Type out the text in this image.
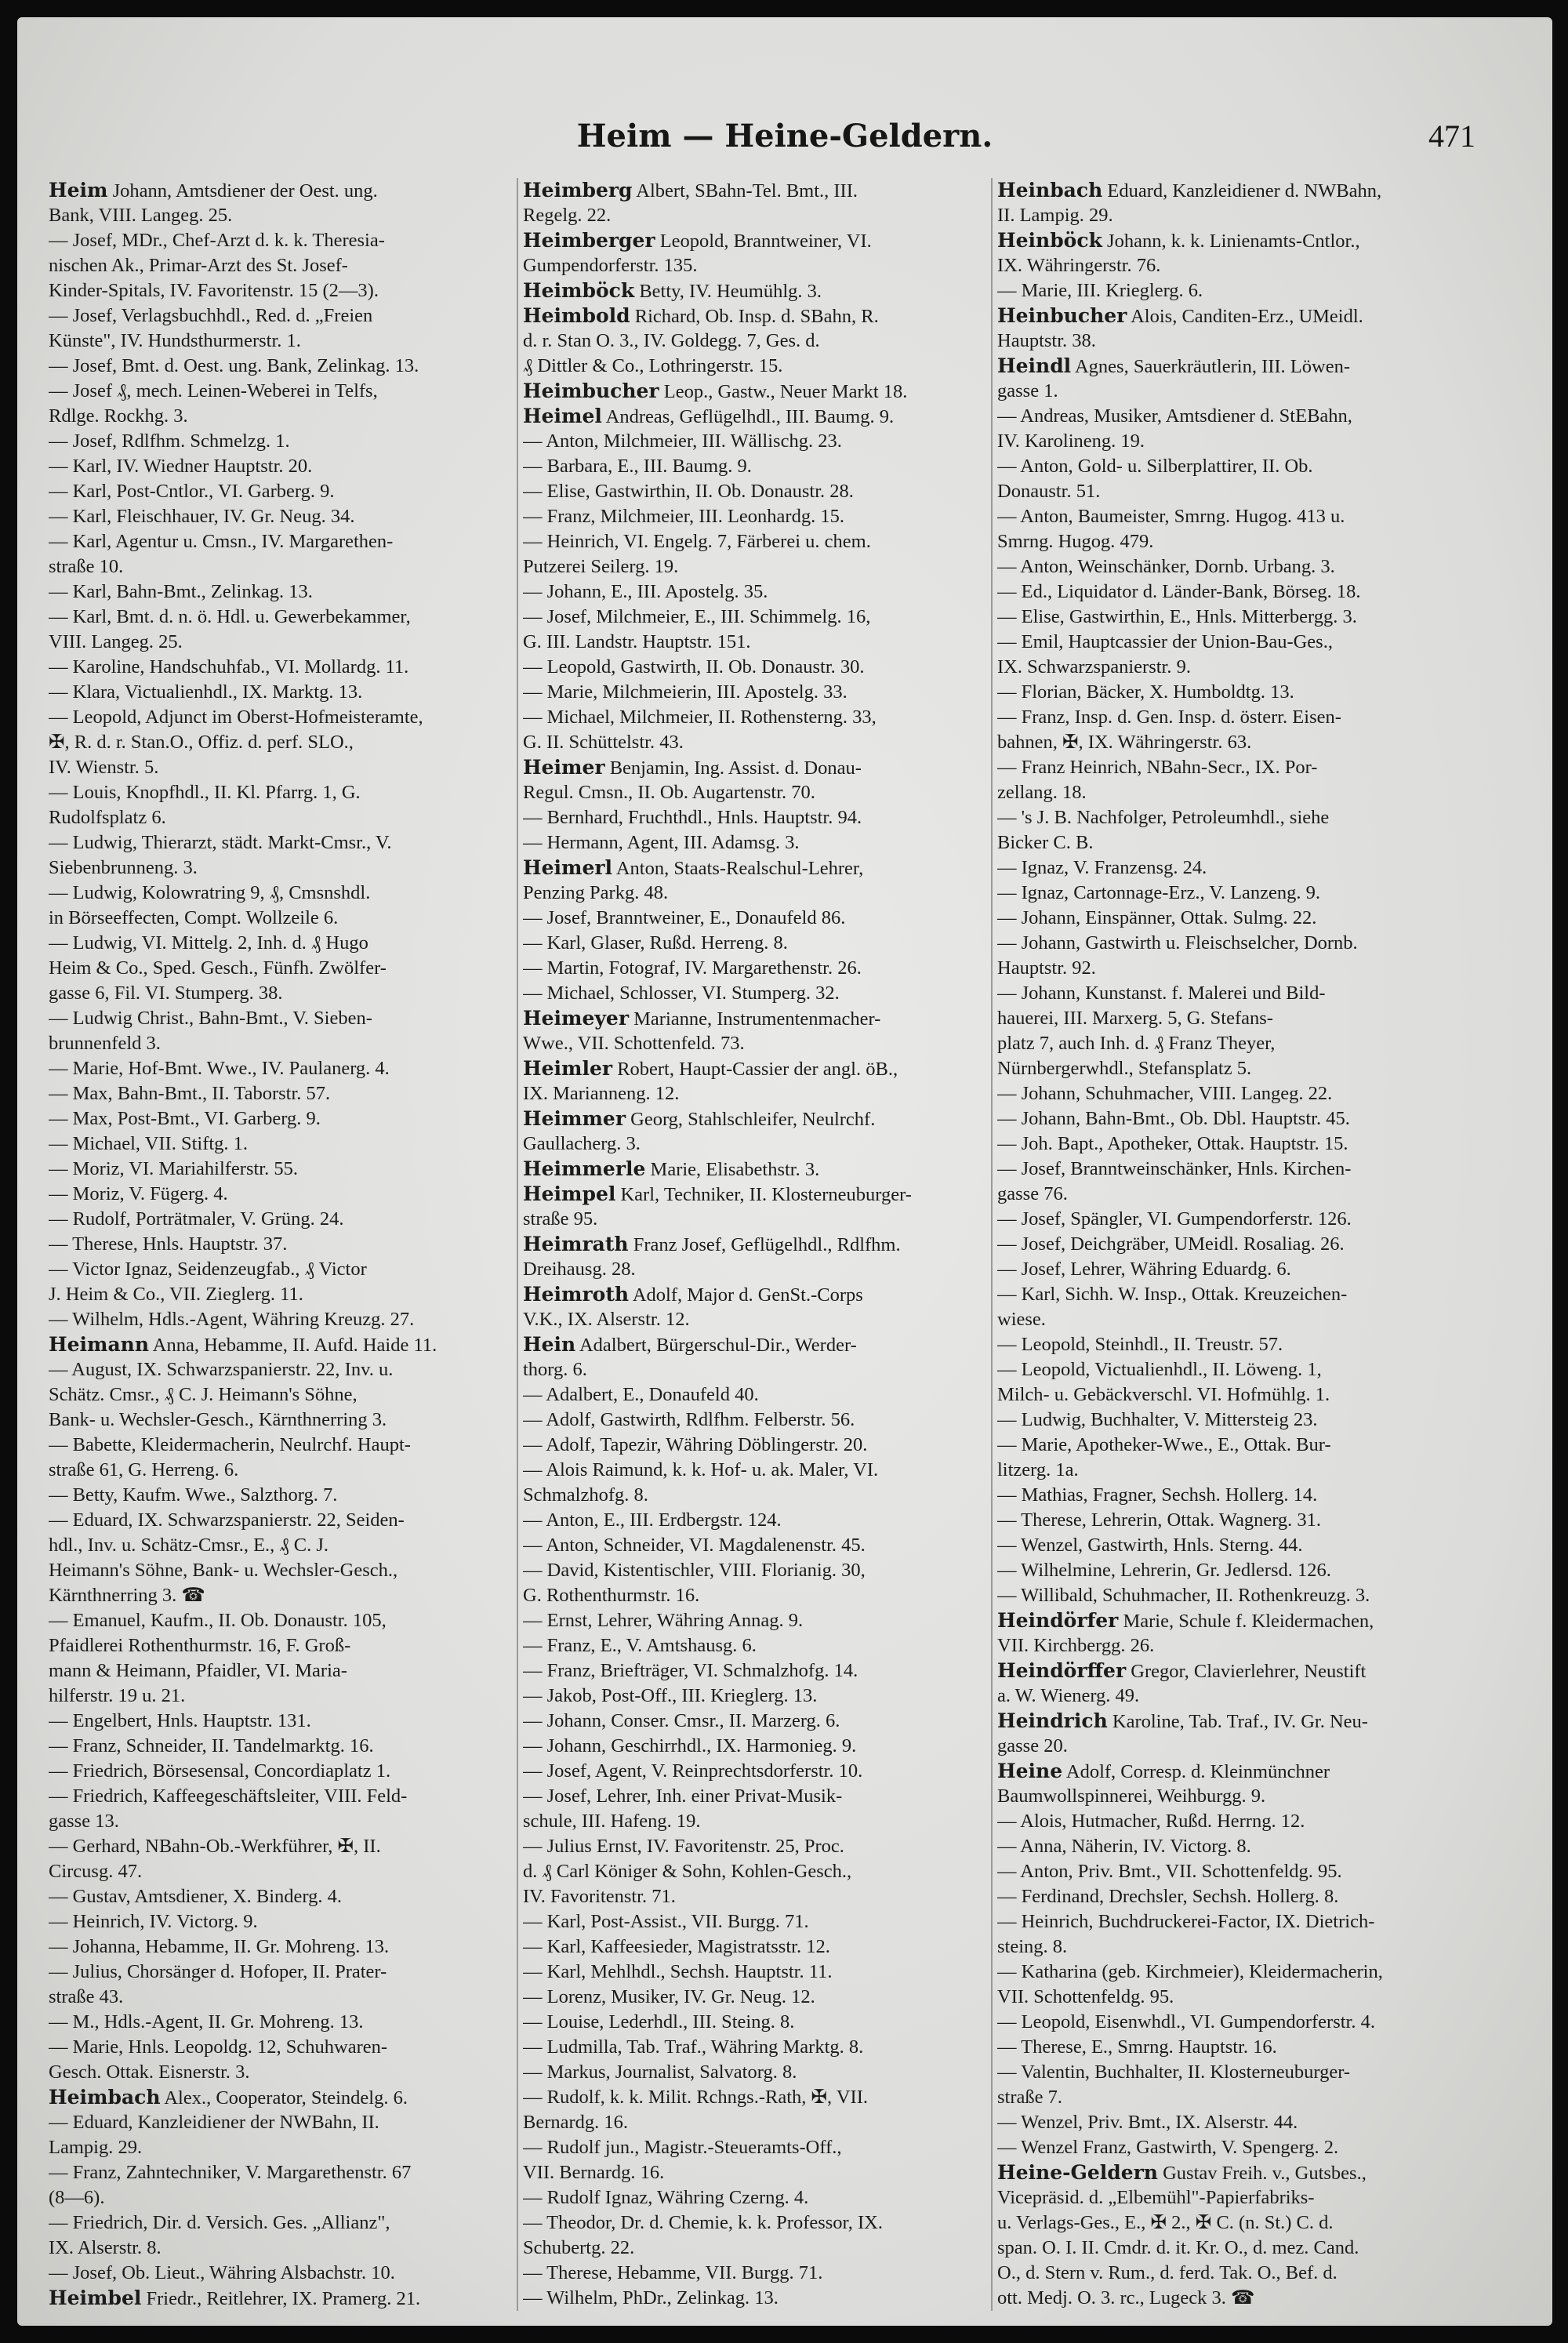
Heim — Heine-Geldern.	471
Heim Johann, Amtsdiener der Oest. ung.
Bank, VIII. Langeg. 25.
— Josef, MDr., Chef-Arzt d. k. k. Theresia-
nischen Ak., Primar-Arzt des St. Josef-
Kinder-Spitals, IV. Favoritenstr. 15 (2—3).
— Josef, Verlagsbuchhdl., Red. d. „Freien
Künste", IV. Hundsthurmerstr. 1.
— Josef, Bmt. d. Oest. ung. Bank, Zelinkag. 13.
— Josef ₰, mech. Leinen-Weberei in Telfs,
Rdlge. Rockhg. 3.
— Josef, Rdlfhm. Schmelzg. 1.
— Karl, IV. Wiedner Hauptstr. 20.
— Karl, Post-Cntlor., VI. Garberg. 9.
— Karl, Fleischhauer, IV. Gr. Neug. 34.
— Karl, Agentur u. Cmsn., IV. Margarethen-
straße 10.
— Karl, Bahn-Bmt., Zelinkag. 13.
— Karl, Bmt. d. n. ö. Hdl. u. Gewerbekammer,
VIII. Langeg. 25.
— Karoline, Handschuhfab., VI. Mollardg. 11.
— Klara, Victualienhdl., IX. Marktg. 13.
— Leopold, Adjunct im Oberst-Hofmeisteramte,
✠, R. d. r. Stan.O., Offiz. d. perf. SLO.,
IV. Wienstr. 5.
— Louis, Knopfhdl., II. Kl. Pfarrg. 1, G.
Rudolfsplatz 6.
— Ludwig, Thierarzt, städt. Markt-Cmsr., V.
Siebenbrunneng. 3.
— Ludwig, Kolowratring 9, ₰, Cmsnshdl.
in Börseeffecten, Compt. Wollzeile 6.
— Ludwig, VI. Mittelg. 2, Inh. d. ₰ Hugo
Heim & Co., Sped. Gesch., Fünfh. Zwölfer-
gasse 6, Fil. VI. Stumperg. 38.
— Ludwig Christ., Bahn-Bmt., V. Sieben-
brunnenfeld 3.
— Marie, Hof-Bmt. Wwe., IV. Paulanerg. 4.
— Max, Bahn-Bmt., II. Taborstr. 57.
— Max, Post-Bmt., VI. Garberg. 9.
— Michael, VII. Stiftg. 1.
— Moriz, VI. Mariahilferstr. 55.
— Moriz, V. Fügerg. 4.
— Rudolf, Porträtmaler, V. Grüng. 24.
— Therese, Hnls. Hauptstr. 37.
— Victor Ignaz, Seidenzeugfab., ₰ Victor
J. Heim & Co., VII. Zieglerg. 11.
— Wilhelm, Hdls.-Agent, Währing Kreuzg. 27.
Heimann Anna, Hebamme, II. Aufd. Haide 11.
— August, IX. Schwarzspanierstr. 22, Inv. u.
Schätz. Cmsr., ₰ C. J. Heimann's Söhne,
Bank- u. Wechsler-Gesch., Kärnthnerring 3.
— Babette, Kleidermacherin, Neulrchf. Haupt-
straße 61, G. Herreng. 6.
— Betty, Kaufm. Wwe., Salzthorg. 7.
— Eduard, IX. Schwarzspanierstr. 22, Seiden-
hdl., Inv. u. Schätz-Cmsr., E., ₰ C. J.
Heimann's Söhne, Bank- u. Wechsler-Gesch.,
Kärnthnerring 3. ☎
— Emanuel, Kaufm., II. Ob. Donaustr. 105,
Pfaidlerei Rothenthurmstr. 16, F. Groß-
mann & Heimann, Pfaidler, VI. Maria-
hilferstr. 19 u. 21.
— Engelbert, Hnls. Hauptstr. 131.
— Franz, Schneider, II. Tandelmarktg. 16.
— Friedrich, Börsesensal, Concordiaplatz 1.
— Friedrich, Kaffeegeschäftsleiter, VIII. Feld-
gasse 13.
— Gerhard, NBahn-Ob.-Werkführer, ✠, II.
Circusg. 47.
— Gustav, Amtsdiener, X. Binderg. 4.
— Heinrich, IV. Victorg. 9.
— Johanna, Hebamme, II. Gr. Mohreng. 13.
— Julius, Chorsänger d. Hofoper, II. Prater-
straße 43.
— M., Hdls.-Agent, II. Gr. Mohreng. 13.
— Marie, Hnls. Leopoldg. 12, Schuhwaren-
Gesch. Ottak. Eisnerstr. 3.
Heimbach Alex., Cooperator, Steindelg. 6.
— Eduard, Kanzleidiener der NWBahn, II.
Lampig. 29.
— Franz, Zahntechniker, V. Margarethenstr. 67
(8—6).
— Friedrich, Dir. d. Versich. Ges. „Allianz",
IX. Alserstr. 8.
— Josef, Ob. Lieut., Währing Alsbachstr. 10.
Heimbel Friedr., Reitlehrer, IX. Pramerg. 21.
Heimberg Albert, SBahn-Tel. Bmt., III.
Regelg. 22.
Heimberger Leopold, Branntweiner, VI.
Gumpendorferstr. 135.
Heimböck Betty, IV. Heumühlg. 3.
Heimbold Richard, Ob. Insp. d. SBahn, R.
d. r. Stan O. 3., IV. Goldegg. 7, Ges. d.
₰ Dittler & Co., Lothringerstr. 15.
Heimbucher Leop., Gastw., Neuer Markt 18.
Heimel Andreas, Geflügelhdl., III. Baumg. 9.
— Anton, Milchmeier, III. Wällischg. 23.
— Barbara, E., III. Baumg. 9.
— Elise, Gastwirthin, II. Ob. Donaustr. 28.
— Franz, Milchmeier, III. Leonhardg. 15.
— Heinrich, VI. Engelg. 7, Färberei u. chem.
Putzerei Seilerg. 19.
— Johann, E., III. Apostelg. 35.
— Josef, Milchmeier, E., III. Schimmelg. 16,
G. III. Landstr. Hauptstr. 151.
— Leopold, Gastwirth, II. Ob. Donaustr. 30.
— Marie, Milchmeierin, III. Apostelg. 33.
— Michael, Milchmeier, II. Rothensterng. 33,
G. II. Schüttelstr. 43.
Heimer Benjamin, Ing. Assist. d. Donau-
Regul. Cmsn., II. Ob. Augartenstr. 70.
— Bernhard, Fruchthdl., Hnls. Hauptstr. 94.
— Hermann, Agent, III. Adamsg. 3.
Heimerl Anton, Staats-Realschul-Lehrer,
Penzing Parkg. 48.
— Josef, Branntweiner, E., Donaufeld 86.
— Karl, Glaser, Rußd. Herreng. 8.
— Martin, Fotograf, IV. Margarethenstr. 26.
— Michael, Schlosser, VI. Stumperg. 32.
Heimeyer Marianne, Instrumentenmacher-
Wwe., VII. Schottenfeld. 73.
Heimler Robert, Haupt-Cassier der angl. öB.,
IX. Marianneng. 12.
Heimmer Georg, Stahlschleifer, Neulrchf.
Gaullacherg. 3.
Heimmerle Marie, Elisabethstr. 3.
Heimpel Karl, Techniker, II. Klosterneuburger-
straße 95.
Heimrath Franz Josef, Geflügelhdl., Rdlfhm.
Dreihausg. 28.
Heimroth Adolf, Major d. GenSt.-Corps
V.K., IX. Alserstr. 12.
Hein Adalbert, Bürgerschul-Dir., Werder-
thorg. 6.
— Adalbert, E., Donaufeld 40.
— Adolf, Gastwirth, Rdlfhm. Felberstr. 56.
— Adolf, Tapezir, Währing Döblingerstr. 20.
— Alois Raimund, k. k. Hof- u. ak. Maler, VI.
Schmalzhofg. 8.
— Anton, E., III. Erdbergstr. 124.
— Anton, Schneider, VI. Magdalenenstr. 45.
— David, Kistentischler, VIII. Florianig. 30,
G. Rothenthurmstr. 16.
— Ernst, Lehrer, Währing Annag. 9.
— Franz, E., V. Amtshausg. 6.
— Franz, Briefträger, VI. Schmalzhofg. 14.
— Jakob, Post-Off., III. Krieglerg. 13.
— Johann, Conser. Cmsr., II. Marzerg. 6.
— Johann, Geschirrhdl., IX. Harmonieg. 9.
— Josef, Agent, V. Reinprechtsdorferstr. 10.
— Josef, Lehrer, Inh. einer Privat-Musik-
schule, III. Hafeng. 19.
— Julius Ernst, IV. Favoritenstr. 25, Proc.
d. ₰ Carl Königer & Sohn, Kohlen-Gesch.,
IV. Favoritenstr. 71.
— Karl, Post-Assist., VII. Burgg. 71.
— Karl, Kaffeesieder, Magistratsstr. 12.
— Karl, Mehlhdl., Sechsh. Hauptstr. 11.
— Lorenz, Musiker, IV. Gr. Neug. 12.
— Louise, Lederhdl., III. Steing. 8.
— Ludmilla, Tab. Traf., Währing Marktg. 8.
— Markus, Journalist, Salvatorg. 8.
— Rudolf, k. k. Milit. Rchngs.-Rath, ✠, VII.
Bernardg. 16.
— Rudolf jun., Magistr.-Steueramts-Off.,
VII. Bernardg. 16.
— Rudolf Ignaz, Währing Czerng. 4.
— Theodor, Dr. d. Chemie, k. k. Professor, IX.
Schubertg. 22.
— Therese, Hebamme, VII. Burgg. 71.
— Wilhelm, PhDr., Zelinkag. 13.
Heinbach Eduard, Kanzleidiener d. NWBahn,
II. Lampig. 29.
Heinböck Johann, k. k. Linienamts-Cntlor.,
IX. Währingerstr. 76.
— Marie, III. Krieglerg. 6.
Heinbucher Alois, Canditen-Erz., UMeidl.
Hauptstr. 38.
Heindl Agnes, Sauerkräutlerin, III. Löwen-
gasse 1.
— Andreas, Musiker, Amtsdiener d. StEBahn,
IV. Karolineng. 19.
— Anton, Gold- u. Silberplattirer, II. Ob.
Donaustr. 51.
— Anton, Baumeister, Smrng. Hugog. 413 u.
Smrng. Hugog. 479.
— Anton, Weinschänker, Dornb. Urbang. 3.
— Ed., Liquidator d. Länder-Bank, Börseg. 18.
— Elise, Gastwirthin, E., Hnls. Mitterbergg. 3.
— Emil, Hauptcassier der Union-Bau-Ges.,
IX. Schwarzspanierstr. 9.
— Florian, Bäcker, X. Humboldtg. 13.
— Franz, Insp. d. Gen. Insp. d. österr. Eisen-
bahnen, ✠, IX. Währingerstr. 63.
— Franz Heinrich, NBahn-Secr., IX. Por-
zellang. 18.
— 's J. B. Nachfolger, Petroleumhdl., siehe
Bicker C. B.
— Ignaz, V. Franzensg. 24.
— Ignaz, Cartonnage-Erz., V. Lanzeng. 9.
— Johann, Einspänner, Ottak. Sulmg. 22.
— Johann, Gastwirth u. Fleischselcher, Dornb.
Hauptstr. 92.
— Johann, Kunstanst. f. Malerei und Bild-
hauerei, III. Marxerg. 5, G. Stefans-
platz 7, auch Inh. d. ₰ Franz Theyer,
Nürnbergerwhdl., Stefansplatz 5.
— Johann, Schuhmacher, VIII. Langeg. 22.
— Johann, Bahn-Bmt., Ob. Dbl. Hauptstr. 45.
— Joh. Bapt., Apotheker, Ottak. Hauptstr. 15.
— Josef, Branntweinschänker, Hnls. Kirchen-
gasse 76.
— Josef, Spängler, VI. Gumpendorferstr. 126.
— Josef, Deichgräber, UMeidl. Rosaliag. 26.
— Josef, Lehrer, Währing Eduardg. 6.
— Karl, Sichh. W. Insp., Ottak. Kreuzeichen-
wiese.
— Leopold, Steinhdl., II. Treustr. 57.
— Leopold, Victualienhdl., II. Löweng. 1,
Milch- u. Gebäckverschl. VI. Hofmühlg. 1.
— Ludwig, Buchhalter, V. Mittersteig 23.
— Marie, Apotheker-Wwe., E., Ottak. Bur-
litzerg. 1a.
— Mathias, Fragner, Sechsh. Hollerg. 14.
— Therese, Lehrerin, Ottak. Wagnerg. 31.
— Wenzel, Gastwirth, Hnls. Sterng. 44.
— Wilhelmine, Lehrerin, Gr. Jedlersd. 126.
— Willibald, Schuhmacher, II. Rothenkreuzg. 3.
Heindörfer Marie, Schule f. Kleidermachen,
VII. Kirchbergg. 26.
Heindörffer Gregor, Clavierlehrer, Neustift
a. W. Wienerg. 49.
Heindrich Karoline, Tab. Traf., IV. Gr. Neu-
gasse 20.
Heine Adolf, Corresp. d. Kleinmünchner
Baumwollspinnerei, Weihburgg. 9.
— Alois, Hutmacher, Rußd. Herrng. 12.
— Anna, Näherin, IV. Victorg. 8.
— Anton, Priv. Bmt., VII. Schottenfeldg. 95.
— Ferdinand, Drechsler, Sechsh. Hollerg. 8.
— Heinrich, Buchdruckerei-Factor, IX. Dietrich-
steing. 8.
— Katharina (geb. Kirchmeier), Kleidermacherin,
VII. Schottenfeldg. 95.
— Leopold, Eisenwhdl., VI. Gumpendorferstr. 4.
— Therese, E., Smrng. Hauptstr. 16.
— Valentin, Buchhalter, II. Klosterneuburger-
straße 7.
— Wenzel, Priv. Bmt., IX. Alserstr. 44.
— Wenzel Franz, Gastwirth, V. Spengerg. 2.
Heine-Geldern Gustav Freih. v., Gutsbes.,
Vicepräsid. d. „Elbemühl"-Papierfabriks-
u. Verlags-Ges., E., ✠ 2., ✠ C. (n. St.) C. d.
span. O. I. II. Cmdr. d. it. Kr. O., d. mez. Cand.
O., d. Stern v. Rum., d. ferd. Tak. O., Bef. d.
ott. Medj. O. 3. rc., Lugeck 3. ☎
